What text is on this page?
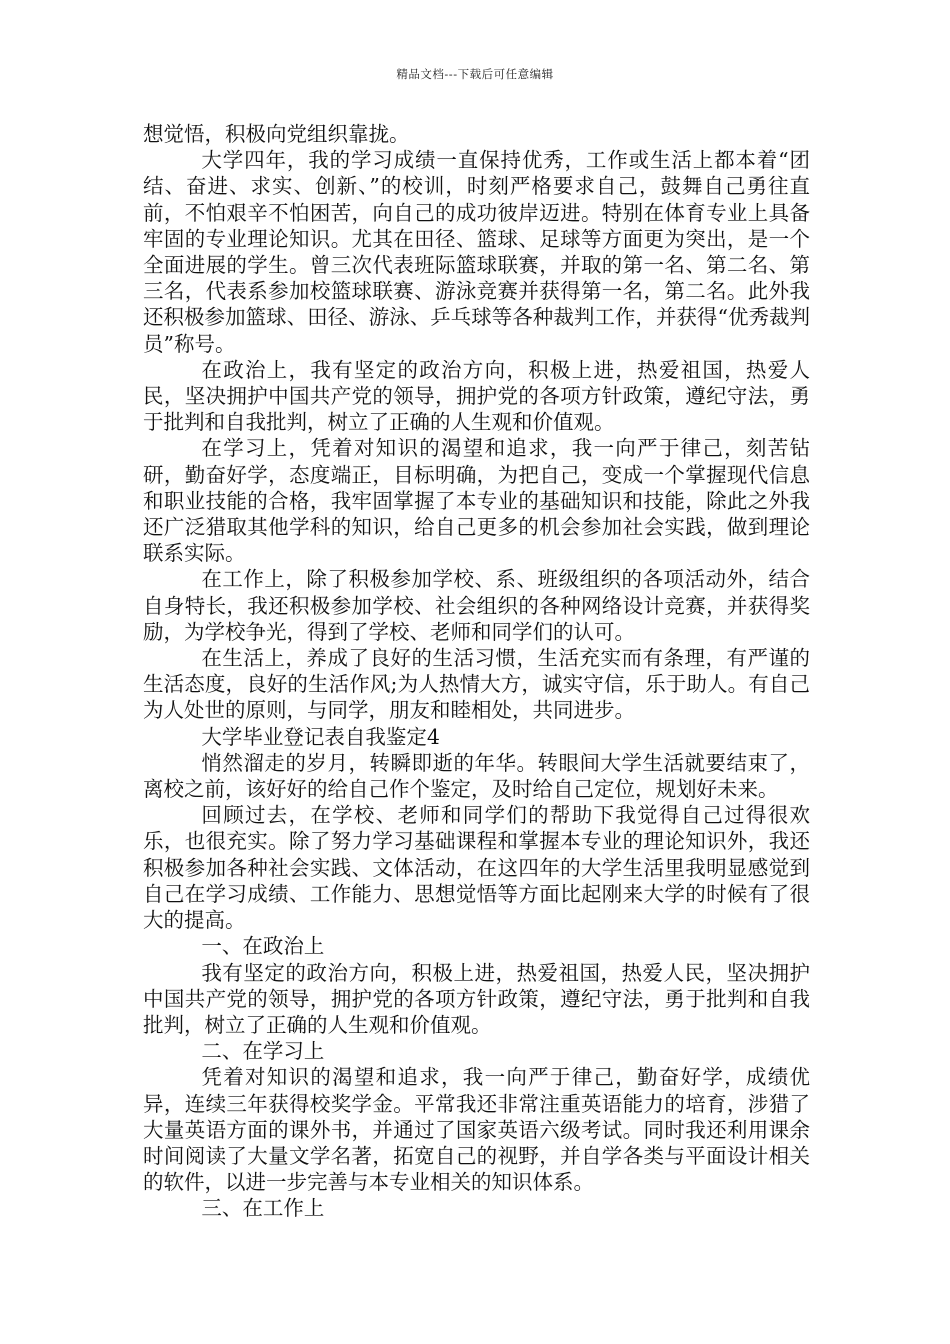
精品文档---下载后可任意编辑

想觉悟，积极向党组织靠拢。

大学四年，我的学习成绩一直保持优秀，工作或生活上都本着“团结、奋进、求实、创新、”的校训，时刻严格要求自己，鼓舞自己勇往直前，不怕艰辛不怕困苦，向自己的成功彼岸迈进。特别在体育专业上具备牢固的专业理论知识。尤其在田径、篮球、足球等方面更为突出，是一个全面进展的学生。曾三次代表班际篮球联赛，并取的第一名、第二名、第三名，代表系参加校篮球联赛、游泳竞赛并获得第一名，第二名。此外我还积极参加篮球、田径、游泳、乒乓球等各种裁判工作，并获得“优秀裁判员”称号。

在政治上，我有坚定的政治方向，积极上进，热爱祖国，热爱人民，坚决拥护中国共产党的领导，拥护党的各项方针政策，遵纪守法，勇于批判和自我批判，树立了正确的人生观和价值观。

在学习上，凭着对知识的渴望和追求，我一向严于律己，刻苦钻研，勤奋好学，态度端正，目标明确，为把自己，变成一个掌握现代信息和职业技能的合格，我牢固掌握了本专业的基础知识和技能，除此之外我还广泛猎取其他学科的知识，给自己更多的机会参加社会实践，做到理论联系实际。

在工作上，除了积极参加学校、系、班级组织的各项活动外，结合自身特长，我还积极参加学校、社会组织的各种网络设计竞赛，并获得奖励，为学校争光，得到了学校、老师和同学们的认可。

在生活上，养成了良好的生活习惯，生活充实而有条理，有严谨的生活态度，良好的生活作风;为人热情大方，诚实守信，乐于助人。有自己为人处世的原则，与同学，朋友和睦相处，共同进步。

大学毕业登记表自我鉴定4

悄然溜走的岁月，转瞬即逝的年华。转眼间大学生活就要结束了，离校之前，该好好的给自己作个鉴定，及时给自己定位，规划好未来。

回顾过去，在学校、老师和同学们的帮助下我觉得自己过得很欢乐，也很充实。除了努力学习基础课程和掌握本专业的理论知识外，我还积极参加各种社会实践、文体活动，在这四年的大学生活里我明显感觉到自己在学习成绩、工作能力、思想觉悟等方面比起刚来大学的时候有了很大的提高。

一、在政治上

我有坚定的政治方向，积极上进，热爱祖国，热爱人民，坚决拥护中国共产党的领导，拥护党的各项方针政策，遵纪守法，勇于批判和自我批判，树立了正确的人生观和价值观。

二、在学习上

凭着对知识的渴望和追求，我一向严于律己，勤奋好学，成绩优异，连续三年获得校奖学金。平常我还非常注重英语能力的培育，涉猎了大量英语方面的课外书，并通过了国家英语六级考试。同时我还利用课余时间阅读了大量文学名著，拓宽自己的视野，并自学各类与平面设计相关的软件，以进一步完善与本专业相关的知识体系。

三、在工作上
